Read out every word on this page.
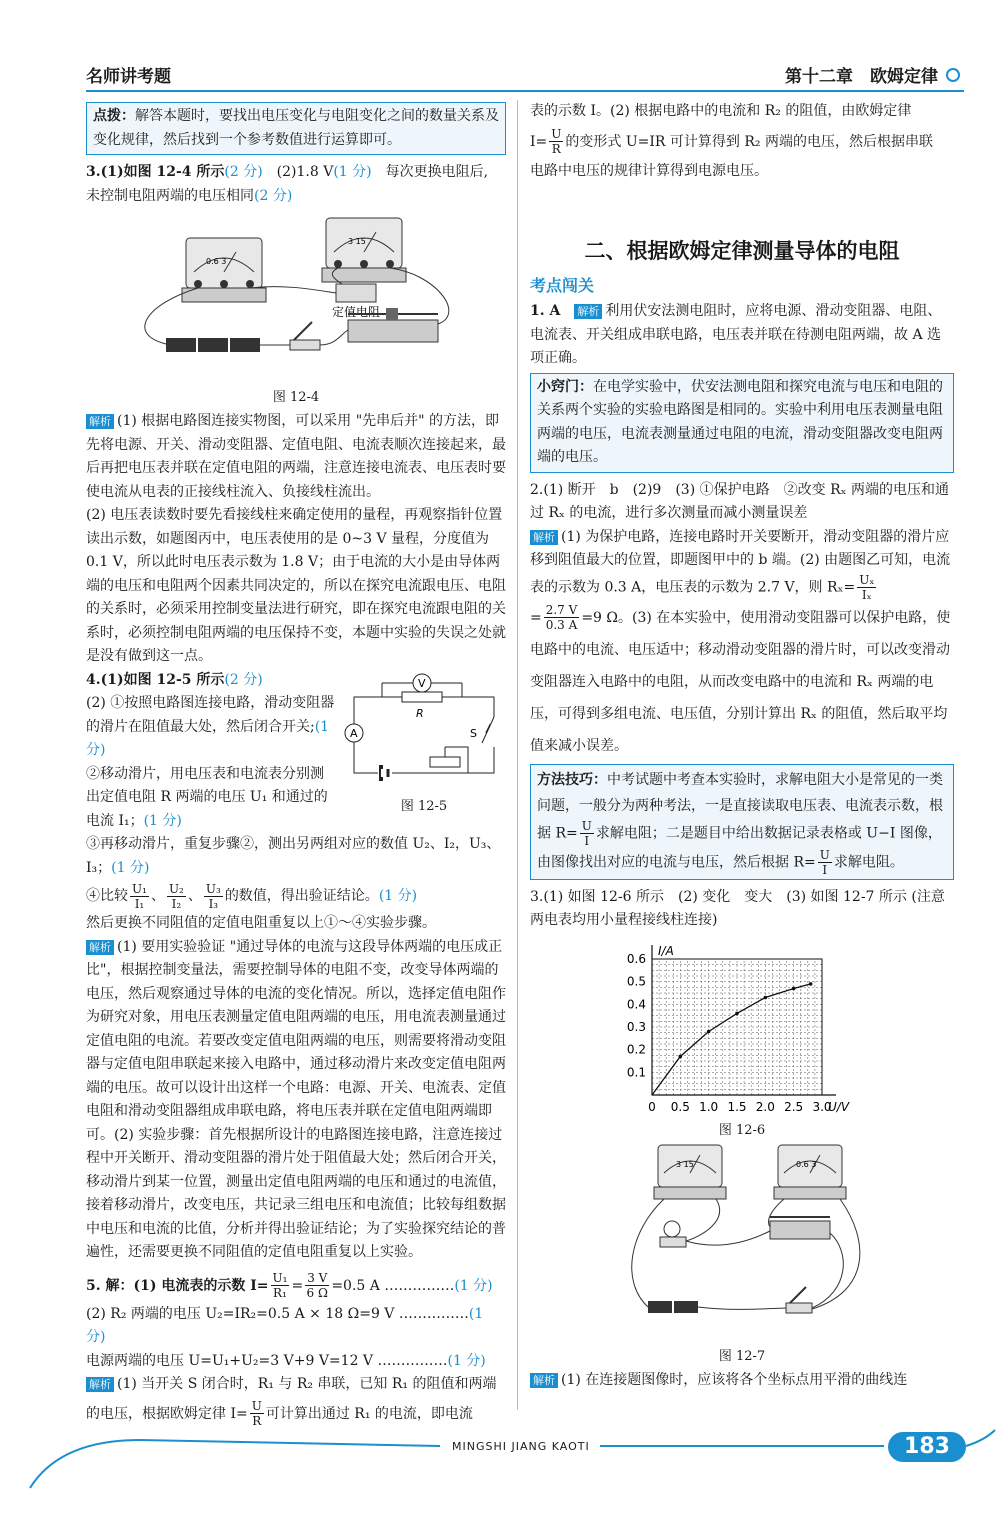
名师讲考题	第十二章　欧姆定律

点拨：解答本题时，要找出电压变化与电阻变化之间的数量关系及变化规律，然后找到一个参考数值进行运算即可。

3.(1)如图 12-4 所示(2 分)　(2)1.8 V(1 分)　每次更换电阻后,
未控制电阻两端的电压相同(2 分)

0.6 3
3 15
定值电阻
图 12-4

解析 (1) 根据电路图连接实物图，可以采用 "先串后并" 的方法，即先将电源、开关、滑动变阻器、定值电阻、电流表顺次连接起来，最后再把电压表并联在定值电阻的两端，注意连接电流表、电压表时要使电流从电表的正接线柱流入、负接线柱流出。

(2) 电压表读数时要先看接线柱来确定使用的量程，再观察指针位置读出示数，如题图丙中，电压表使用的是 0~3 V 量程，分度值为 0.1 V，所以此时电压表示数为 1.8 V；由于电流的大小是由导体两端的电压和电阻两个因素共同决定的，所以在探究电流跟电压、电阻的关系时，必须采用控制变量法进行研究，即在探究电流跟电阻的关系时，必须控制电阻两端的电压保持不变，本题中实验的失误之处就是没有做到这一点。

4.(1)如图 12-5 所示(2 分)

(2) ①按照电路图连接电路，滑动变阻器的滑片在阻值最大处，然后闭合开关;(1 分)

②移动滑片，用电压表和电流表分别测出定值电阻 R 两端的电压 U₁ 和通过的电流 I₁；(1 分)

V
R
A	S
图 12-5

③再移动滑片，重复步骤②，测出另两组对应的数值 U₂、I₂，U₃、I₃；(1 分)

④比较 $\frac{\text{U₁}}{\text{I₁}}$ 、 $\frac{\text{U₂}}{\text{I₂}}$ 、 $\frac{\text{U₃}}{\text{I₃}}$ 的数值，得出验证结论。(1 分)

然后更换不同阻值的定值电阻重复以上①～④实验步骤。

解析 (1) 要用实验验证 "通过导体的电流与这段导体两端的电压成正比"，根据控制变量法，需要控制导体的电阻不变，改变导体两端的电压，然后观察通过导体的电流的变化情况。所以，选择定值电阻作为研究对象，用电压表测量定值电阻两端的电压，用电流表测量通过定值电阻的电流。若要改变定值电阻两端的电压，则需要将滑动变阻器与定值电阻串联起来接入电路中，通过移动滑片来改变定值电阻两端的电压。故可以设计出这样一个电路：电源、开关、电流表、定值电阻和滑动变阻器组成串联电路，将电压表并联在定值电阻两端即可。(2) 实验步骤：首先根据所设计的电路图连接电路，注意连接过程中开关断开、滑动变阻器的滑片处于阻值最大处；然后闭合开关，移动滑片到某一位置，测量出定值电阻两端的电压和通过的电流值，接着移动滑片，改变电压，共记录三组电压和电流值；比较每组数据中电压和电流的比值，分析并得出验证结论；为了实验探究结论的普遍性，还需要更换不同阻值的定值电阻重复以上实验。

5. 解：(1) 电流表的示数 $I= \frac{\text{U₁}}{\text{R₁}} = \frac{3 V}{6 \Omega} =0.5$ A ……………(1 分)

(2) R₂ 两端的电压 U₂=IR₂=0.5 A × 18 Ω=9 V ……………(1 分)

电源两端的电压 U=U₁+U₂=3 V+9 V=12 V ……………(1 分)

解析 (1) 当开关 S 闭合时，R₁ 与 R₂ 串联，已知 R₁ 的阻值和两端

的电压，根据欧姆定律 $I= \frac{U}{R}$ 可计算出通过 R₁ 的电流，即电流

表的示数 I。(2) 根据电路中的电流和 R₂ 的阻值，由欧姆定律

$I= \frac{U}{R}$ 的变形式 U=IR 可计算得到 R₂ 两端的电压，然后根据串联

电路中电压的规律计算得到电源电压。

二、根据欧姆定律测量导体的电阻
考点闯关

1. A　 解析 利用伏安法测电阻时，应将电源、滑动变阻器、电阻、电流表、开关组成串联电路，电压表并联在待测电阻两端，故 A 选项正确。

小窍门：在电学实验中，伏安法测电阻和探究电流与电压和电阻的关系两个实验的实验电路图是相同的。实验中利用电压表测量电阻两端的电压，电流表测量通过电阻的电流，滑动变阻器改变电阻两端的电压。

2.(1) 断开　b　(2)9　(3) ①保护电路　②改变 Rₓ 两端的电压和通过 Rₓ 的电流，进行多次测量而减小测量误差

解析 (1) 为保护电路，连接电路时开关要断开，滑动变阻器的滑片应移到阻值最大的位置，即题图甲中的 b 端。(2) 由题图乙可知，电流表的示数为 0.3 A，电压表的示数为 2.7 V，则 $R_x= \frac{\text{Uₓ}}{\text{Iₓ}}$

= $\frac{2.7 V}{0.3 A} =9$ Ω。(3) 在本实验中，使用滑动变阻器可以保护电路，使电路中的电流、电压适中；移动滑动变阻器的滑片时，可以改变滑动变阻器连入电路中的电阻，从而改变电路中的电流和 Rₓ 两端的电压，可得到多组电流、电压值，分别计算出 Rₓ 的阻值，然后取平均值来减小误差。

方法技巧：中考试题中考查本实验时，求解电阻大小是常见的一类问题，一般分为两种考法，一是直接读取电压表、电流表示数，根据 $R= \frac{U}{I}$ 求解电阻；二是题目中给出数据记录表格或 U−I 图像，由图像找出对应的电流与电压，然后根据 $R= \frac{U}{I}$ 求解电阻。

3.(1) 如图 12-6 所示　(2) 变化　变大　(3) 如图 12-7 所示 (注意两电表均用小量程接线柱连接)

U/V
I/A
0 0.5 1.0 1.5 2.0 2.5 3.0
0.1
0.2
0.3
0.4
0.5
0.6
图 12-6
3 15	0.6 3
图 12-7

解析 (1) 在连接题图像时，应该将各个坐标点用平滑的曲线连

MINGSHI JIANG KAOTI	183
